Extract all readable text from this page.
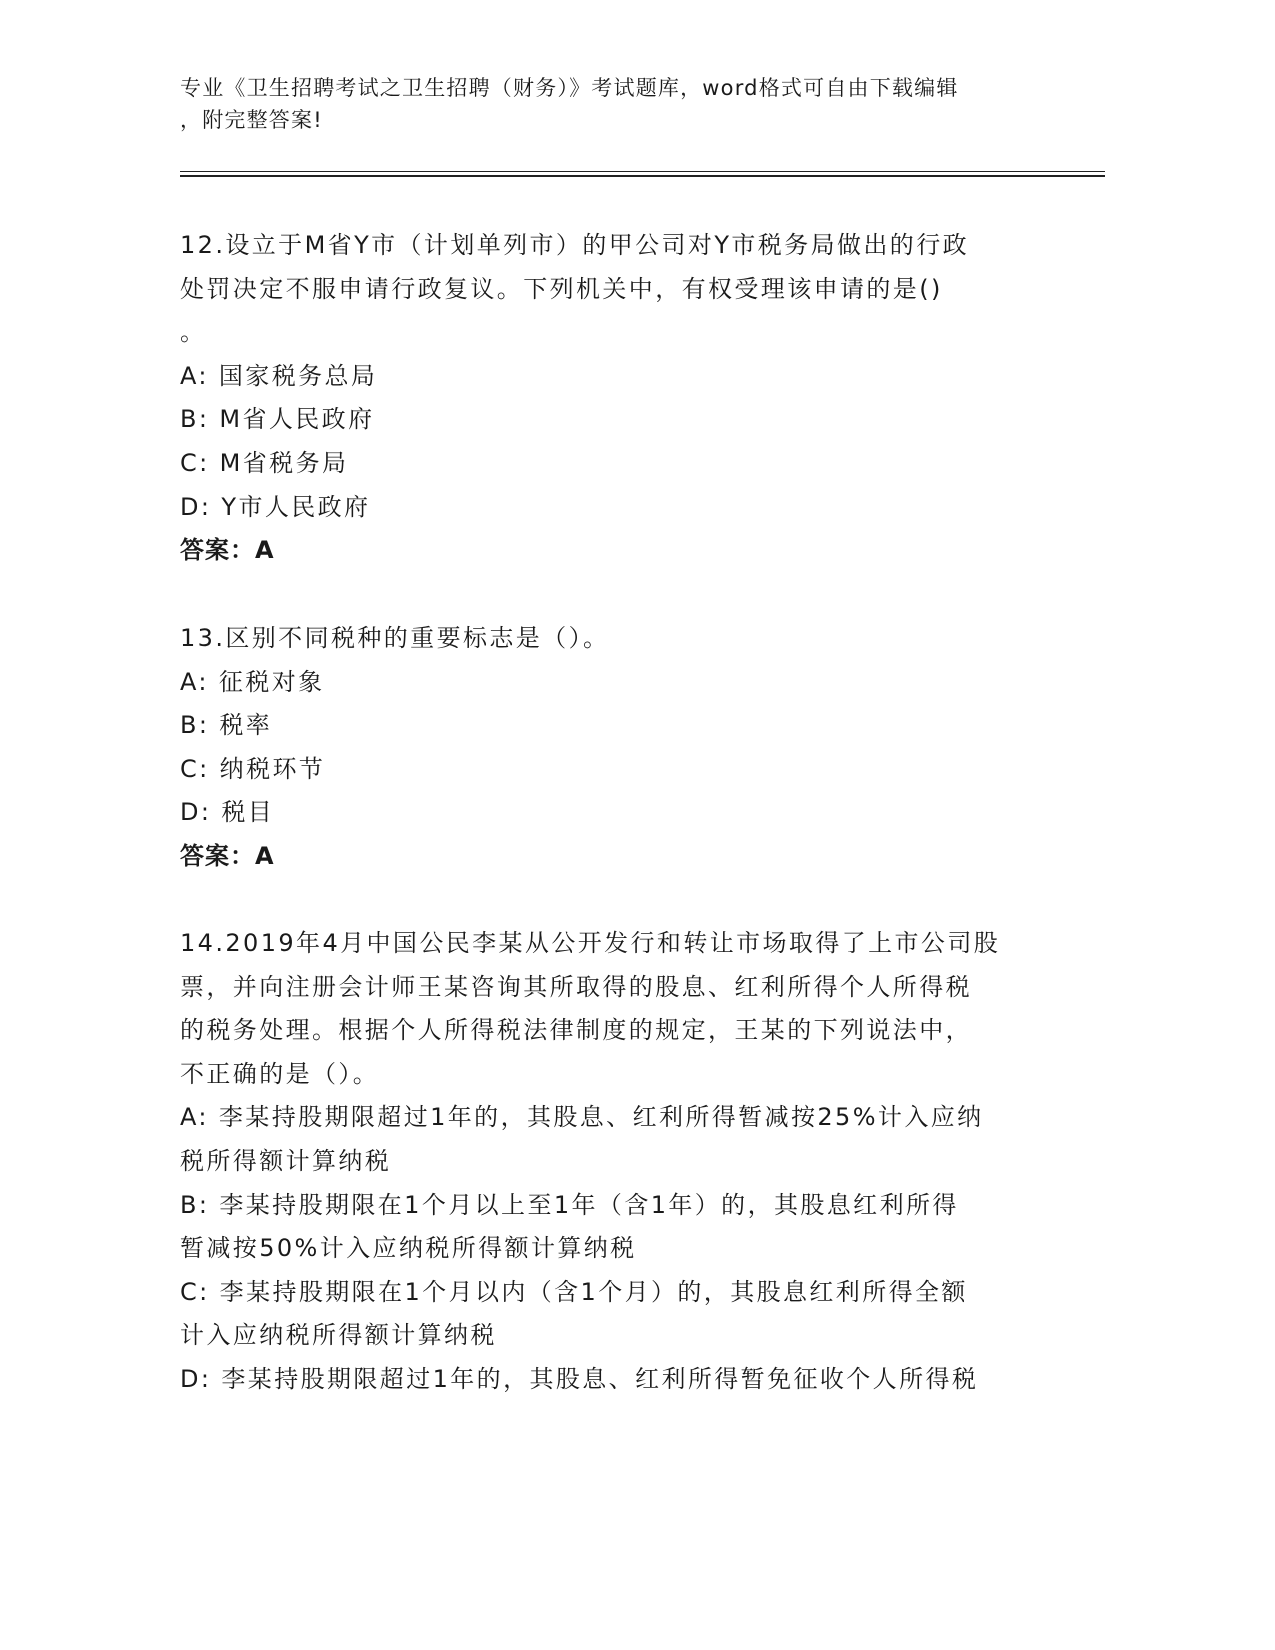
专业《卫生招聘考试之卫生招聘（财务）》考试题库，word格式可自由下载编辑
，附完整答案!
12.设立于M省Y市（计划单列市）的甲公司对Y市税务局做出的行政
处罚决定不服申请行政复议。下列机关中，有权受理该申请的是()
。
A: 国家税务总局
B: M省人民政府
C: M省税务局
D: Y市人民政府
答案：A
13.区别不同税种的重要标志是（）。
A: 征税对象
B: 税率
C: 纳税环节
D: 税目
答案：A
14.2019年4月中国公民李某从公开发行和转让市场取得了上市公司股
票，并向注册会计师王某咨询其所取得的股息、红利所得个人所得税
的税务处理。根据个人所得税法律制度的规定，王某的下列说法中，
不正确的是（）。
A: 李某持股期限超过1年的，其股息、红利所得暂减按25%计入应纳
税所得额计算纳税
B: 李某持股期限在1个月以上至1年（含1年）的，其股息红利所得
暂减按50%计入应纳税所得额计算纳税
C: 李某持股期限在1个月以内（含1个月）的，其股息红利所得全额
计入应纳税所得额计算纳税
D: 李某持股期限超过1年的，其股息、红利所得暂免征收个人所得税
